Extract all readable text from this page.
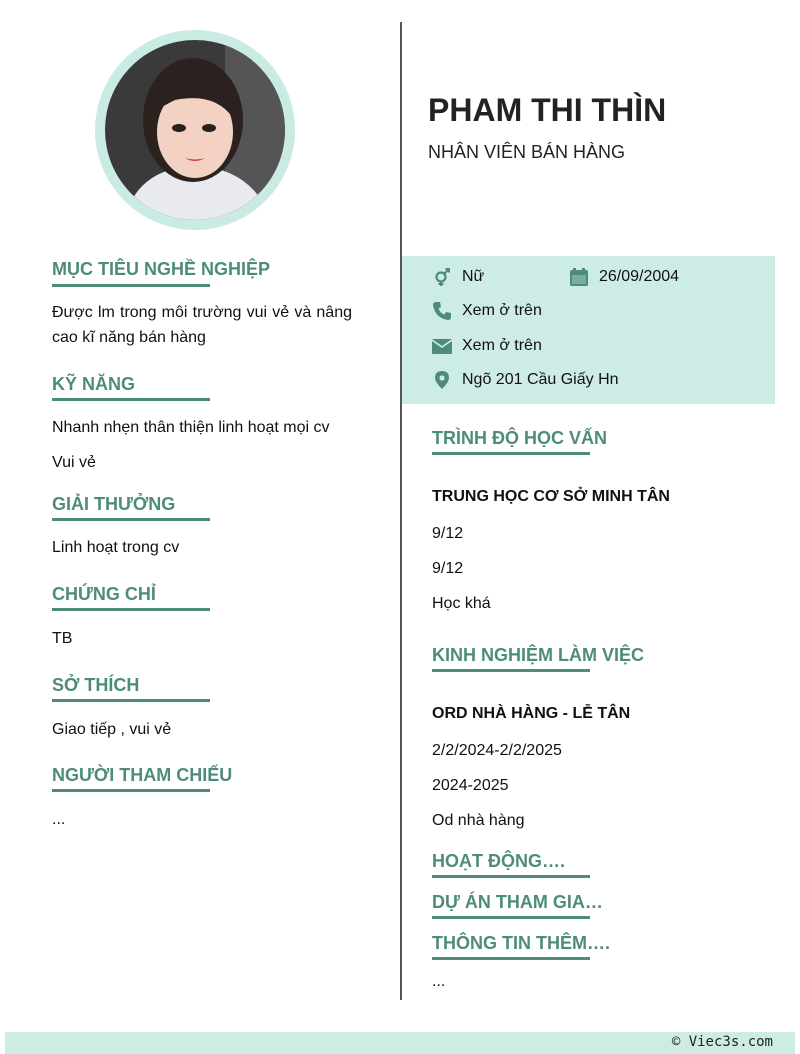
MỤC TIÊU NGHỀ NGHIỆP
Được lm trong môi trường vui vẻ và nâng cao kĩ năng bán hàng
KỸ NĂNG
Nhanh nhẹn thân thiện linh hoạt mọi cv
Vui vẻ
GIẢI THƯỞNG
Linh hoạt trong cv
CHỨNG CHỈ
TB
SỞ THÍCH
Giao tiếp , vui vẻ
NGƯỜI THAM CHIẾU
...
PHAM THI THÌN
NHÂN VIÊN BÁN HÀNG
Nữ	26/09/2004
Xem ở trên
Xem ở trên
Ngõ 201 Cầu Giấy Hn
TRÌNH ĐỘ HỌC VẤN
TRUNG HỌC CƠ SỞ MINH TÂN
9/12
9/12
Học khá
KINH NGHIỆM LÀM VIỆC
ORD NHÀ HÀNG - LỄ TÂN
2/2/2024-2/2/2025
2024-2025
Od nhà hàng
HOẠT ĐỘNG….
DỰ ÁN THAM GIA…
THÔNG TIN THÊM….
...
© Viec3s.com
